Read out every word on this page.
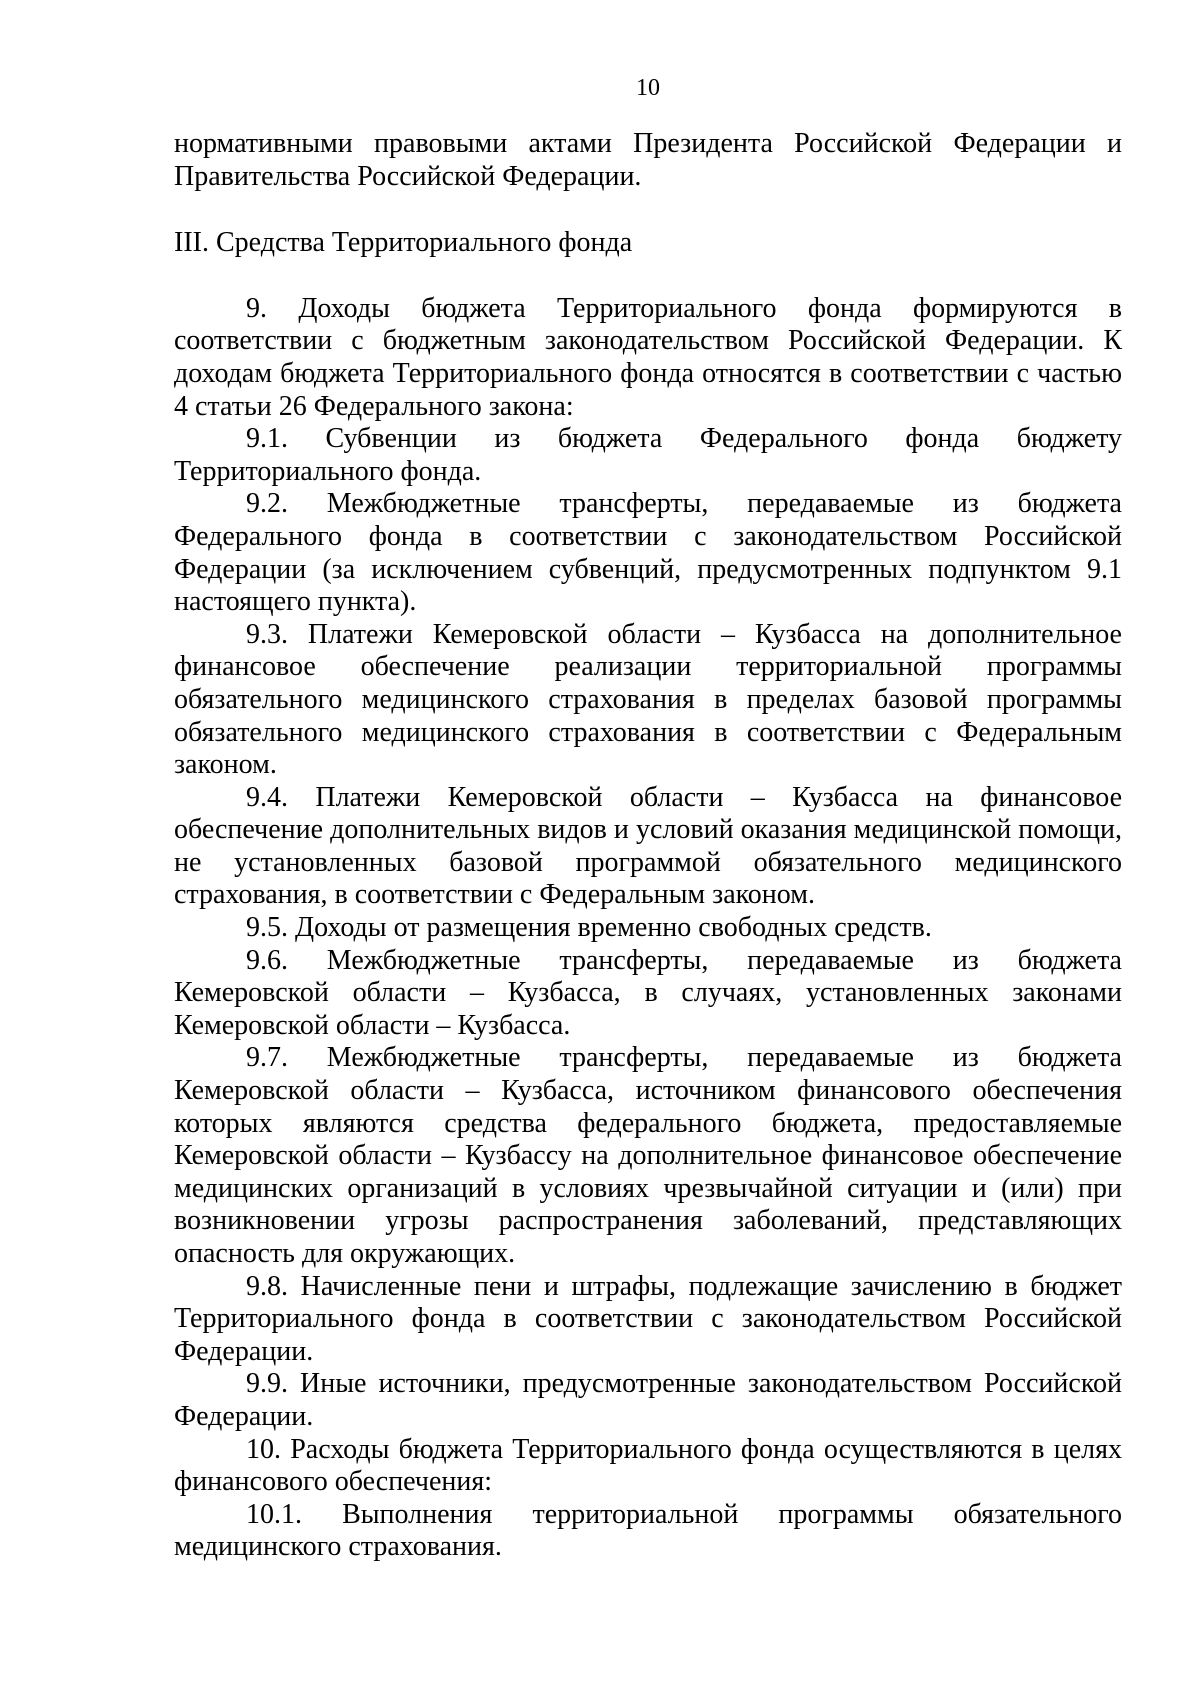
10

нормативными правовыми актами Президента Российской Федерации и Правительства Российской Федерации.

III. Средства Территориального фонда

9. Доходы бюджета Территориального фонда формируются в соответствии с бюджетным законодательством Российской Федерации. К доходам бюджета Территориального фонда относятся в соответствии с частью 4 статьи 26 Федерального закона:

9.1. Субвенции из бюджета Федерального фонда бюджету Территориального фонда.

9.2. Межбюджетные трансферты, передаваемые из бюджета Федерального фонда в соответствии с законодательством Российской Федерации (за исключением субвенций, предусмотренных подпунктом 9.1 настоящего пункта).

9.3. Платежи Кемеровской области – Кузбасса на дополнительное финансовое обеспечение реализации территориальной программы обязательного медицинского страхования в пределах базовой программы обязательного медицинского страхования в соответствии с Федеральным законом.

9.4. Платежи Кемеровской области – Кузбасса на финансовое обеспечение дополнительных видов и условий оказания медицинской помощи, не установленных базовой программой обязательного медицинского страхования, в соответствии с Федеральным законом.

9.5. Доходы от размещения временно свободных средств.

9.6. Межбюджетные трансферты, передаваемые из бюджета Кемеровской области – Кузбасса, в случаях, установленных законами Кемеровской области – Кузбасса.

9.7. Межбюджетные трансферты, передаваемые из бюджета Кемеровской области – Кузбасса, источником финансового обеспечения которых являются средства федерального бюджета, предоставляемые Кемеровской области – Кузбассу на дополнительное финансовое обеспечение медицинских организаций в условиях чрезвычайной ситуации и (или) при возникновении угрозы распространения заболеваний, представляющих опасность для окружающих.

9.8. Начисленные пени и штрафы, подлежащие зачислению в бюджет Территориального фонда в соответствии с законодательством Российской Федерации.

9.9. Иные источники, предусмотренные законодательством Российской Федерации.

10. Расходы бюджета Территориального фонда осуществляются в целях финансового обеспечения:

10.1. Выполнения территориальной программы обязательного медицинского страхования.
